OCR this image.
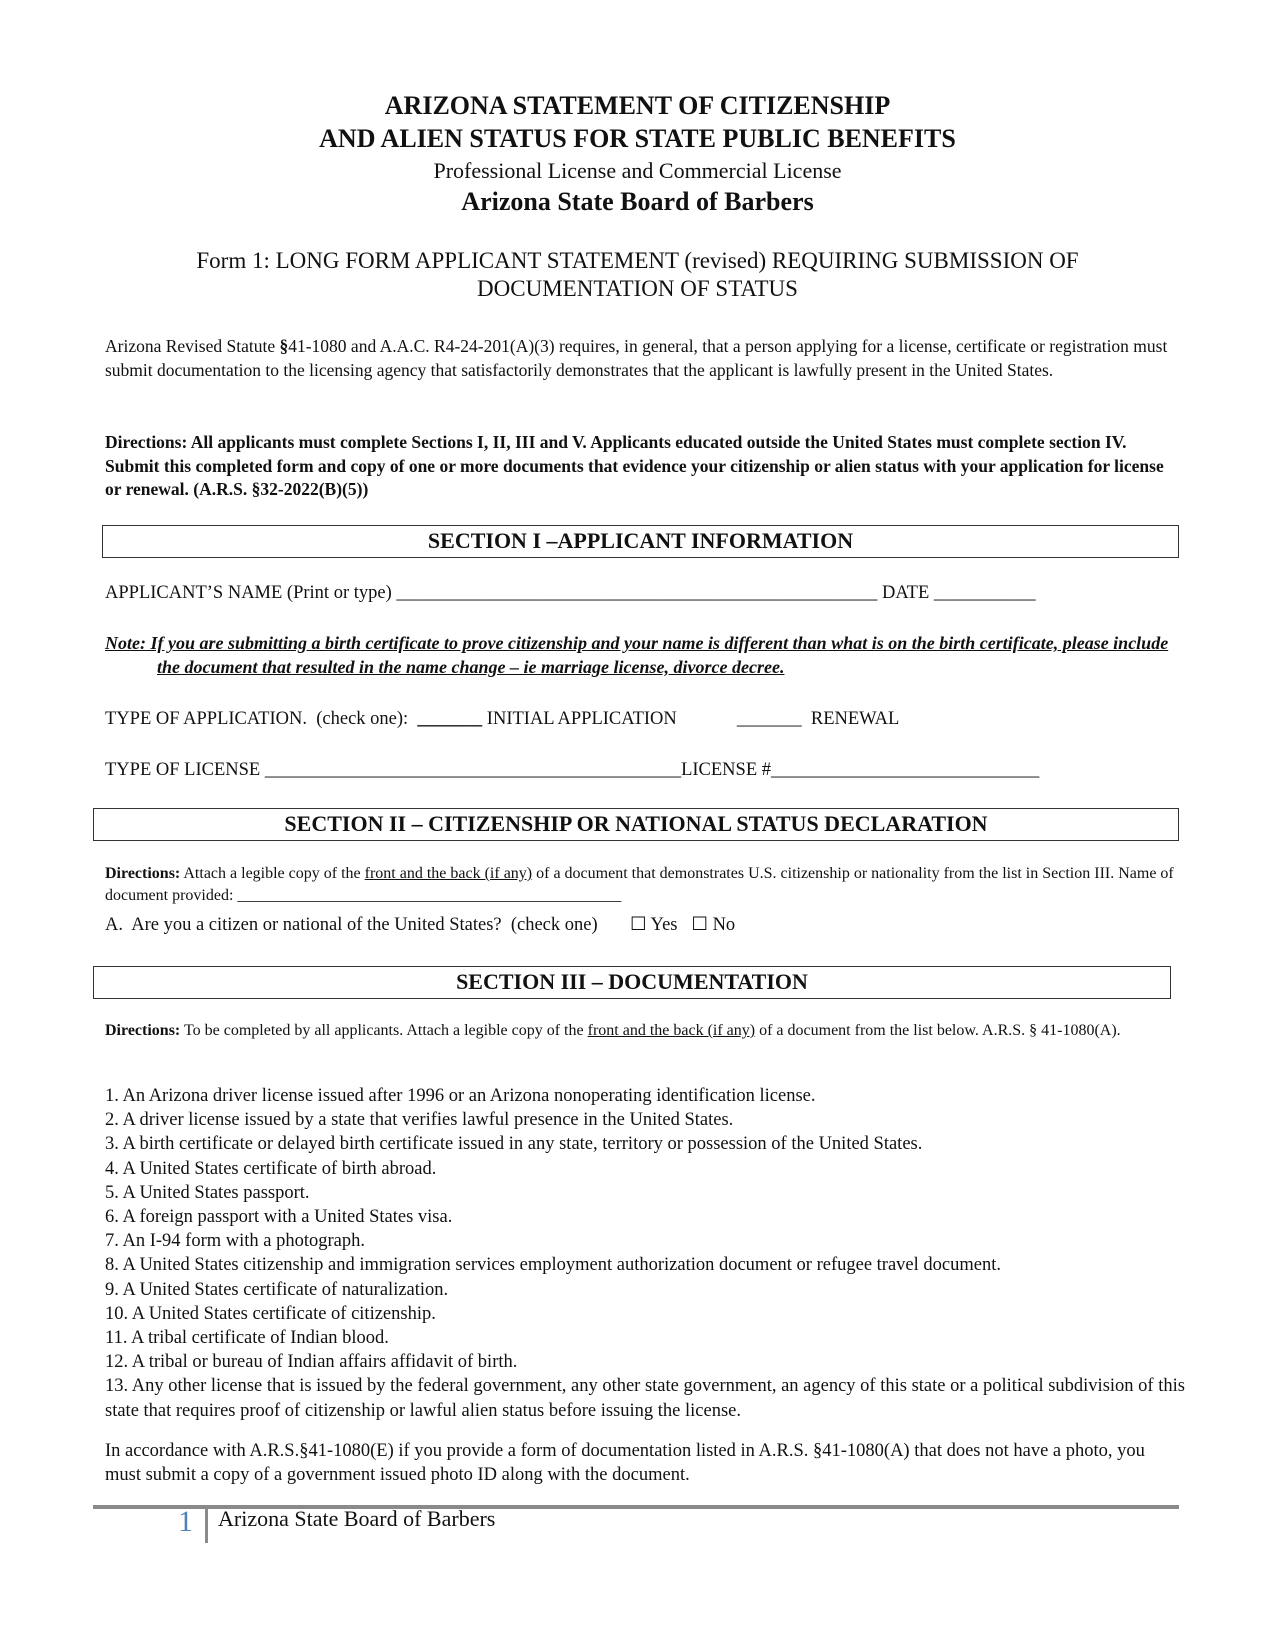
ARIZONA STATEMENT OF CITIZENSHIP
AND ALIEN STATUS FOR STATE PUBLIC BENEFITS
Professional License and Commercial License
Arizona State Board of Barbers
Form 1: LONG FORM APPLICANT STATEMENT (revised) REQUIRING SUBMISSION OF
DOCUMENTATION OF STATUS
Arizona Revised Statute §41-1080 and A.A.C. R4-24-201(A)(3) requires, in general, that a person applying for a license, certificate or registration must submit documentation to the licensing agency that satisfactorily demonstrates that the applicant is lawfully present in the United States.
Directions: All applicants must complete Sections I, II, III and V. Applicants educated outside the United States must complete section IV. Submit this completed form and copy of one or more documents that evidence your citizenship or alien status with your application for license or renewal. (A.R.S. §32-2022(B)(5))
SECTION I –APPLICANT INFORMATION
APPLICANT’S NAME (Print or type) ____________________________________________________ DATE ___________
Note: If you are submitting a birth certificate to prove citizenship and your name is different than what is on the birth certificate, please include the document that resulted in the name change – ie marriage license, divorce decree.
TYPE OF APPLICATION.  (check one): _______ INITIAL APPLICATION	_______ RENEWAL
TYPE OF LICENSE _____________________________________________LICENSE #_____________________________
SECTION II – CITIZENSHIP OR NATIONAL STATUS DECLARATION
Directions: Attach a legible copy of the front and the back (if any) of a document that demonstrates U.S. citizenship or nationality from the list in Section III. Name of document provided: ________________________________________________
A.  Are you a citizen or national of the United States?  (check one) ☐ Yes ☐ No
SECTION III – DOCUMENTATION
Directions: To be completed by all applicants. Attach a legible copy of the front and the back (if any) of a document from the list below. A.R.S. § 41-1080(A).
1. An Arizona driver license issued after 1996 or an Arizona nonoperating identification license.
2. A driver license issued by a state that verifies lawful presence in the United States.
3. A birth certificate or delayed birth certificate issued in any state, territory or possession of the United States.
4. A United States certificate of birth abroad.
5. A United States passport.
6. A foreign passport with a United States visa.
7. An I-94 form with a photograph.
8. A United States citizenship and immigration services employment authorization document or refugee travel document.
9. A United States certificate of naturalization.
10. A United States certificate of citizenship.
11. A tribal certificate of Indian blood.
12. A tribal or bureau of Indian affairs affidavit of birth.
13. Any other license that is issued by the federal government, any other state government, an agency of this state or a political subdivision of this state that requires proof of citizenship or lawful alien status before issuing the license.
In accordance with A.R.S.§41-1080(E) if you provide a form of documentation listed in A.R.S. §41-1080(A) that does not have a photo, you must submit a copy of a government issued photo ID along with the document.
1 Arizona State Board of Barbers
